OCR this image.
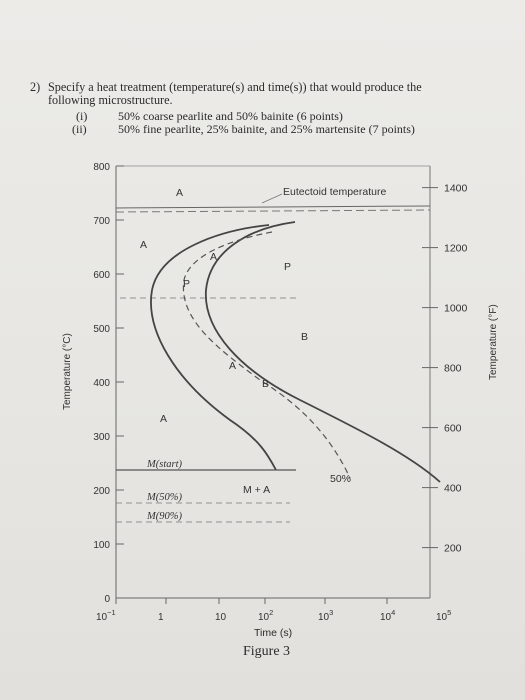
2) Specify a heat treatment (temperature(s) and time(s)) that would produce the
following microstructure.
(i)	50% coarse pearlite and 50% bainite (6 points)
(ii)	50% fine pearlite, 25% bainite, and 25% martensite (7 points)
Eutectoid temperature
A
A
A
P
B
A
P
A
B
M + A
50%
M(start)
M(50%)
M(90%)
0
100
200
300
400
500
600
700
800
200
400
600
800
1000
1200
1400
$10^{-1}$	1	10	$10^2$	$10^3$	$10^4$	$10^5$
Temperature (°C)	Temperature (°F)
Time (s)
Figure 3
